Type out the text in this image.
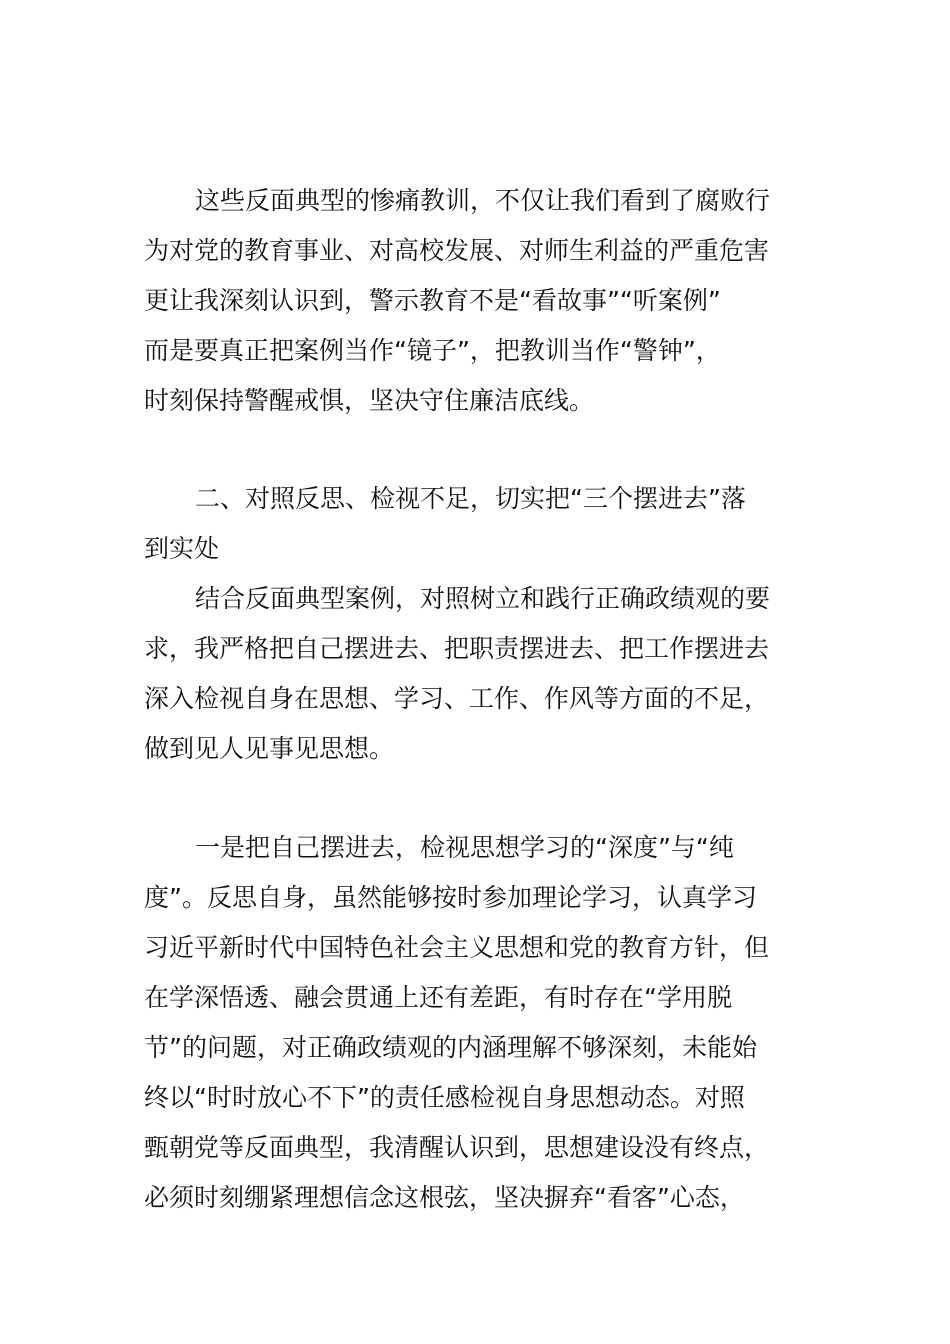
这些反面典型的惨痛教训，不仅让我们看到了腐败行
为对党的教育事业、对高校发展、对师生利益的严重危害
更让我深刻认识到，警示教育不是“看故事”“听案例”
而是要真正把案例当作“镜子”，把教训当作“警钟”，
时刻保持警醒戒惧，坚决守住廉洁底线。
二、对照反思、检视不足，切实把“三个摆进去”落
到实处
结合反面典型案例，对照树立和践行正确政绩观的要
求，我严格把自己摆进去、把职责摆进去、把工作摆进去
深入检视自身在思想、学习、工作、作风等方面的不足，
做到见人见事见思想。
一是把自己摆进去，检视思想学习的“深度”与“纯
度”。反思自身，虽然能够按时参加理论学习，认真学习
习近平新时代中国特色社会主义思想和党的教育方针，但
在学深悟透、融会贯通上还有差距，有时存在“学用脱
节”的问题，对正确政绩观的内涵理解不够深刻，未能始
终以“时时放心不下”的责任感检视自身思想动态。对照
甄朝党等反面典型，我清醒认识到，思想建设没有终点，
必须时刻绷紧理想信念这根弦，坚决摒弃“看客”心态，
